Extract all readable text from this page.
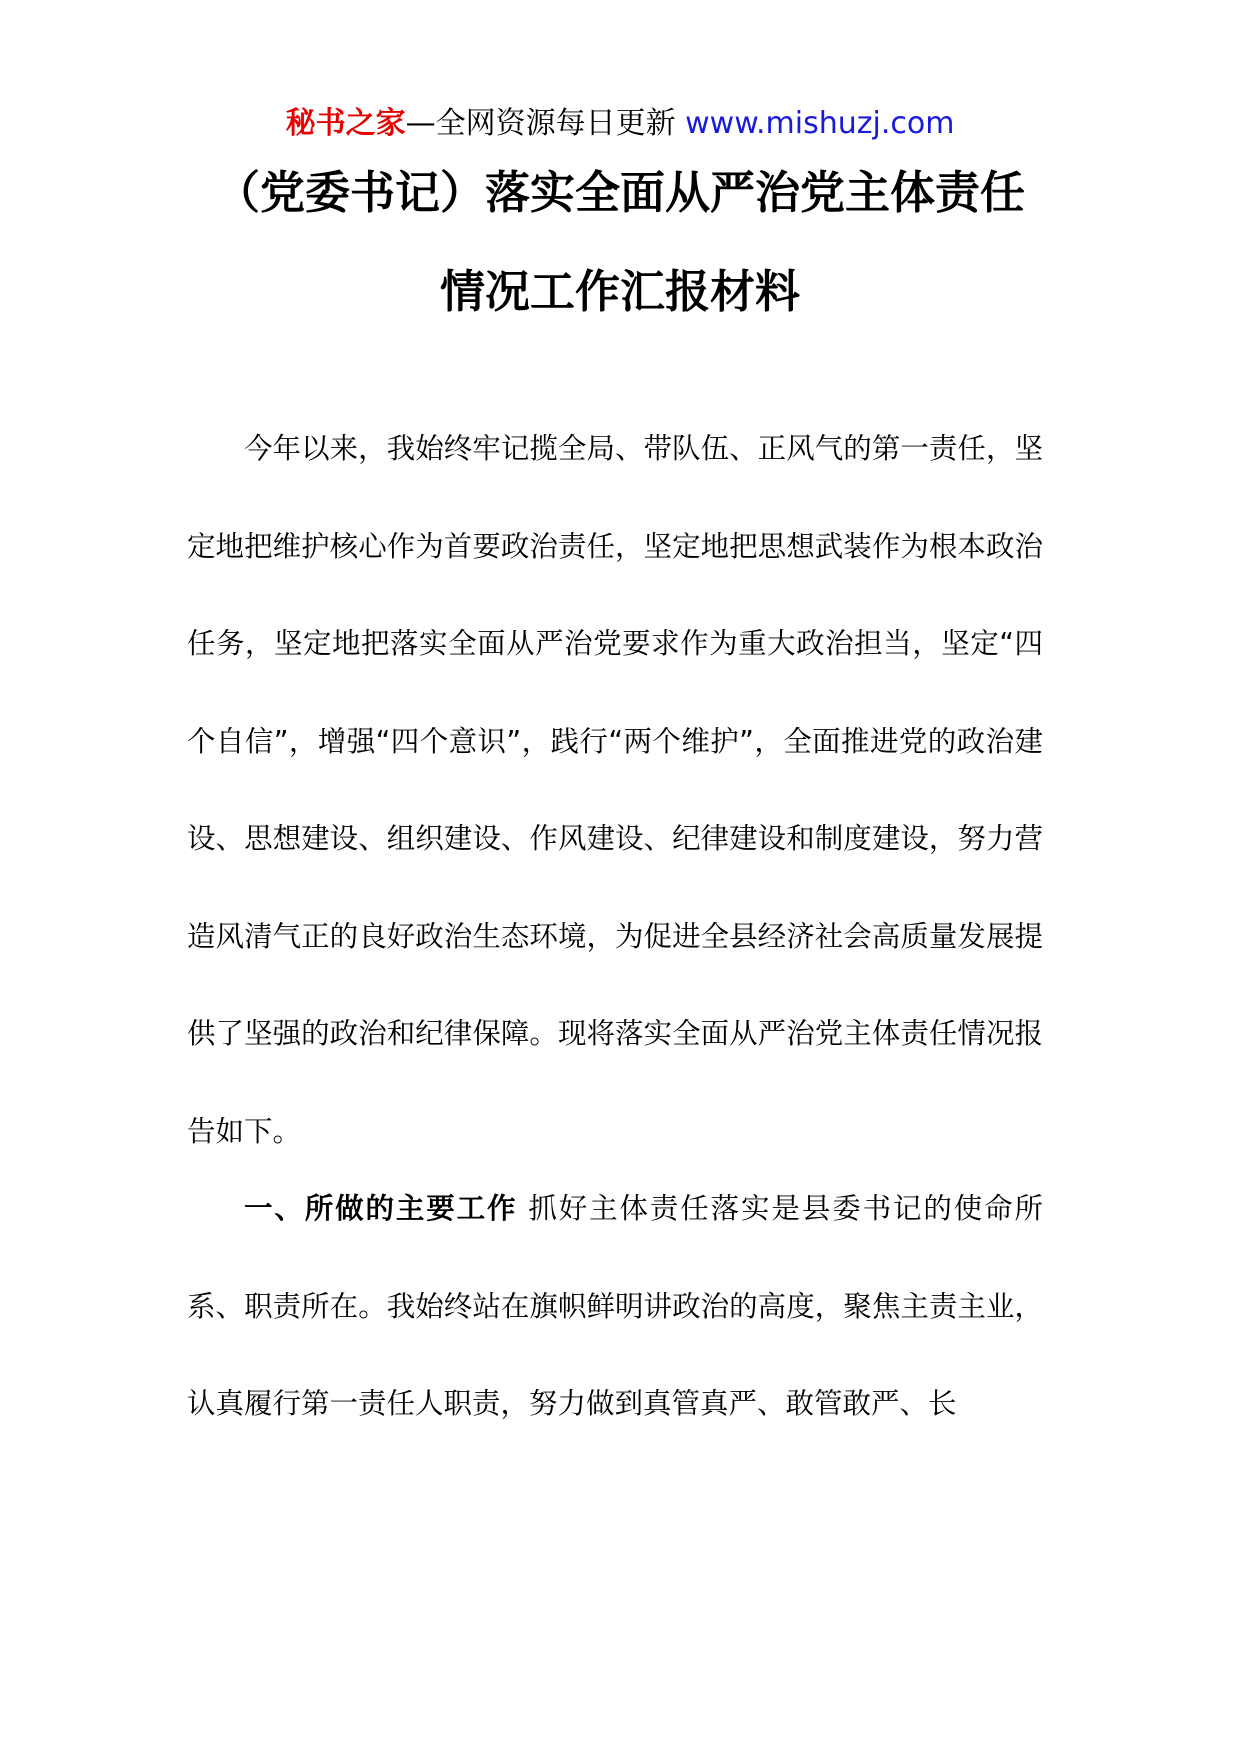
秘书之家—全网资源每日更新 www.mishuzj.com
（党委书记）落实全面从严治党主体责任
情况工作汇报材料

今年以来，我始终牢记揽全局、带队伍、正风气的第一责任，坚定地把维护核心作为首要政治责任，坚定地把思想武装作为根本政治任务，坚定地把落实全面从严治党要求作为重大政治担当，坚定“四个自信”，增强“四个意识”，践行“两个维护”，全面推进党的政治建设、思想建设、组织建设、作风建设、纪律建设和制度建设，努力营造风清气正的良好政治生态环境，为促进全县经济社会高质量发展提供了坚强的政治和纪律保障。现将落实全面从严治党主体责任情况报告如下。

一、所做的主要工作 抓好主体责任落实是县委书记的使命所系、职责所在。我始终站在旗帜鲜明讲政治的高度，聚焦主责主业，认真履行第一责任人职责，努力做到真管真严、敢管敢严、长
